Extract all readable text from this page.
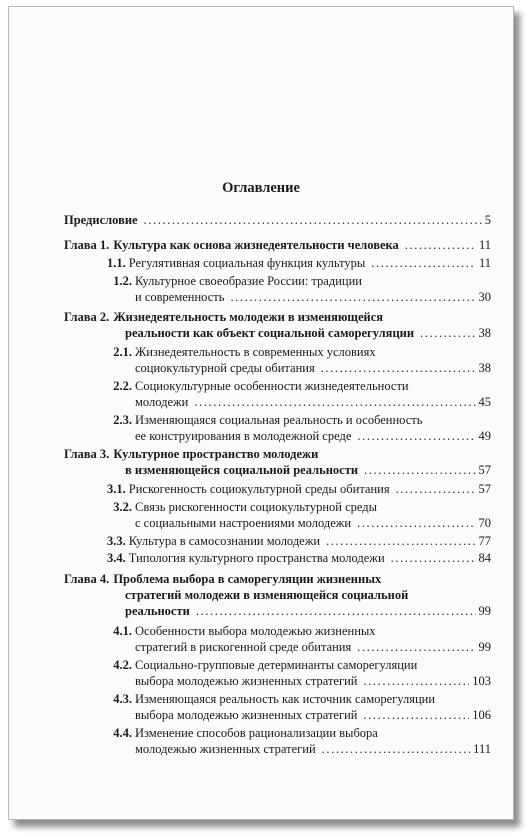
Оглавление
Предисловие .....	5
Глава 1. Культура как основа жизнедеятельности человека .....	11
1.1. Регулятивная социальная функция культуры .....	11
1.2. Культурное своеобразие России: традиции
и современность .....	30
Глава 2. Жизнедеятельность молодежи в изменяющейся
реальности как объект социальной саморегуляции .....	38
2.1. Жизнедеятельность в современных условиях
социокультурной среды обитания .....	38
2.2. Социокультурные особенности жизнедеятельности
молодежи .....	45
2.3. Изменяющаяся социальная реальность и особенность
ее конструирования в молодежной среде .....	49
Глава 3. Культурное пространство молодежи
в изменяющейся социальной реальности .....	57
3.1. Рискогенность социокультурной среды обитания .....	57
3.2. Связь рискогенности социокультурной среды
с социальными настроениями молодежи .....	70
3.3. Культура в самосознании молодежи .....	77
3.4. Типология культурного пространства молодежи .....	84
Глава 4. Проблема выбора в саморегуляции жизненных
стратегий молодежи в изменяющейся социальной
реальности .....	99
4.1. Особенности выбора молодежью жизненных
стратегий в рискогенной среде обитания .....	99
4.2. Социально-групповые детерминанты саморегуляции
выбора молодежью жизненных стратегий .....	103
4.3. Изменяющаяся реальность как источник саморегуляции
выбора молодежью жизненных стратегий .....	106
4.4. Изменение способов рационализации выбора
молодежью жизненных стратегий .....	111
